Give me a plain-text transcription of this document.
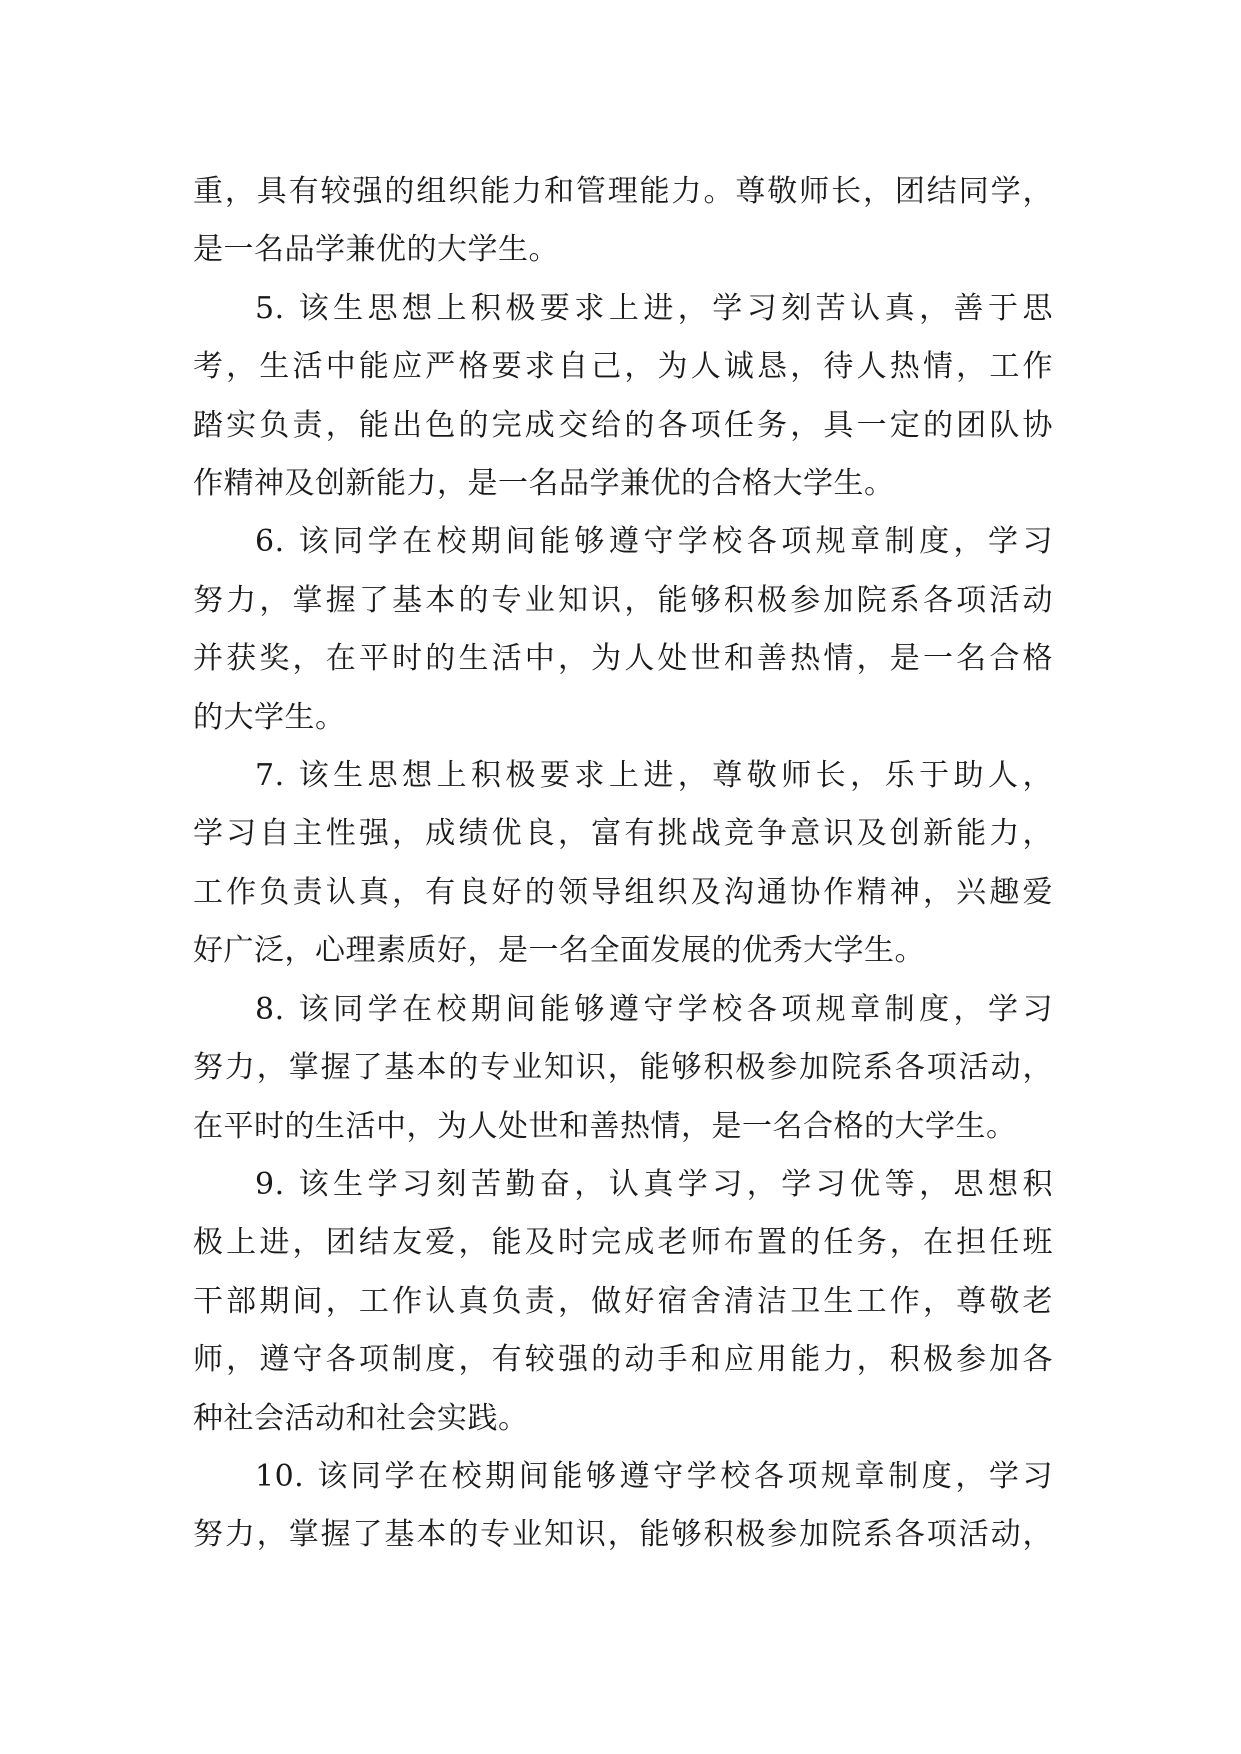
重，具有较强的组织能力和管理能力。尊敬师长，团结同学，
是一名品学兼优的大学生。
5. 该生思想上积极要求上进，学习刻苦认真，善于思
考，生活中能应严格要求自己，为人诚恳，待人热情，工作
踏实负责，能出色的完成交给的各项任务，具一定的团队协
作精神及创新能力，是一名品学兼优的合格大学生。
6. 该同学在校期间能够遵守学校各项规章制度，学习
努力，掌握了基本的专业知识，能够积极参加院系各项活动
并获奖，在平时的生活中，为人处世和善热情，是一名合格
的大学生。
7. 该生思想上积极要求上进，尊敬师长，乐于助人，
学习自主性强，成绩优良，富有挑战竞争意识及创新能力，
工作负责认真，有良好的领导组织及沟通协作精神，兴趣爱
好广泛，心理素质好，是一名全面发展的优秀大学生。
8. 该同学在校期间能够遵守学校各项规章制度，学习
努力，掌握了基本的专业知识，能够积极参加院系各项活动，
在平时的生活中，为人处世和善热情，是一名合格的大学生。
9. 该生学习刻苦勤奋，认真学习，学习优等，思想积
极上进，团结友爱，能及时完成老师布置的任务，在担任班
干部期间，工作认真负责，做好宿舍清洁卫生工作，尊敬老
师，遵守各项制度，有较强的动手和应用能力，积极参加各
种社会活动和社会实践。
10. 该同学在校期间能够遵守学校各项规章制度，学习
努力，掌握了基本的专业知识，能够积极参加院系各项活动，
